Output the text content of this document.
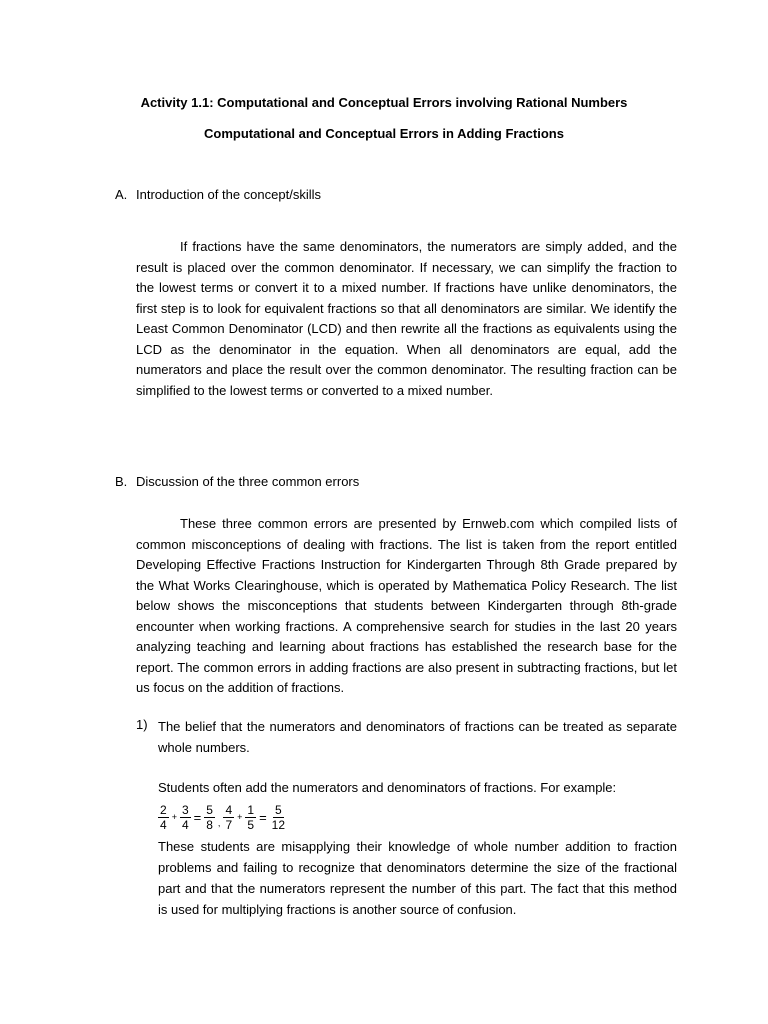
Activity 1.1: Computational and Conceptual Errors involving Rational Numbers
Computational and Conceptual Errors in Adding Fractions
A. Introduction of the concept/skills

If fractions have the same denominators, the numerators are simply added, and the result is placed over the common denominator. If necessary, we can simplify the fraction to the lowest terms or convert it to a mixed number. If fractions have unlike denominators, the first step is to look for equivalent fractions so that all denominators are similar. We identify the Least Common Denominator (LCD) and then rewrite all the fractions as equivalents using the LCD as the denominator in the equation. When all denominators are equal, add the numerators and place the result over the common denominator. The resulting fraction can be simplified to the lowest terms or converted to a mixed number.

B. Discussion of the three common errors

These three common errors are presented by Ernweb.com which compiled lists of common misconceptions of dealing with fractions. The list is taken from the report entitled Developing Effective Fractions Instruction for Kindergarten Through 8th Grade prepared by the What Works Clearinghouse, which is operated by Mathematica Policy Research. The list below shows the misconceptions that students between Kindergarten through 8th-grade encounter when working fractions. A comprehensive search for studies in the last 20 years analyzing teaching and learning about fractions has established the research base for the report. The common errors in adding fractions are also present in subtracting fractions, but let us focus on the addition of fractions.

1) The belief that the numerators and denominators of fractions can be treated as separate whole numbers.
Students often add the numerators and denominators of fractions. For example:
$\frac{2}{4} + \frac{3}{4} = \frac{5}{8}$ , $\frac{4}{7} + \frac{1}{5} = \frac{5}{12}$

These students are misapplying their knowledge of whole number addition to fraction problems and failing to recognize that denominators determine the size of the fractional part and that the numerators represent the number of this part. The fact that this method is used for multiplying fractions is another source of confusion.
